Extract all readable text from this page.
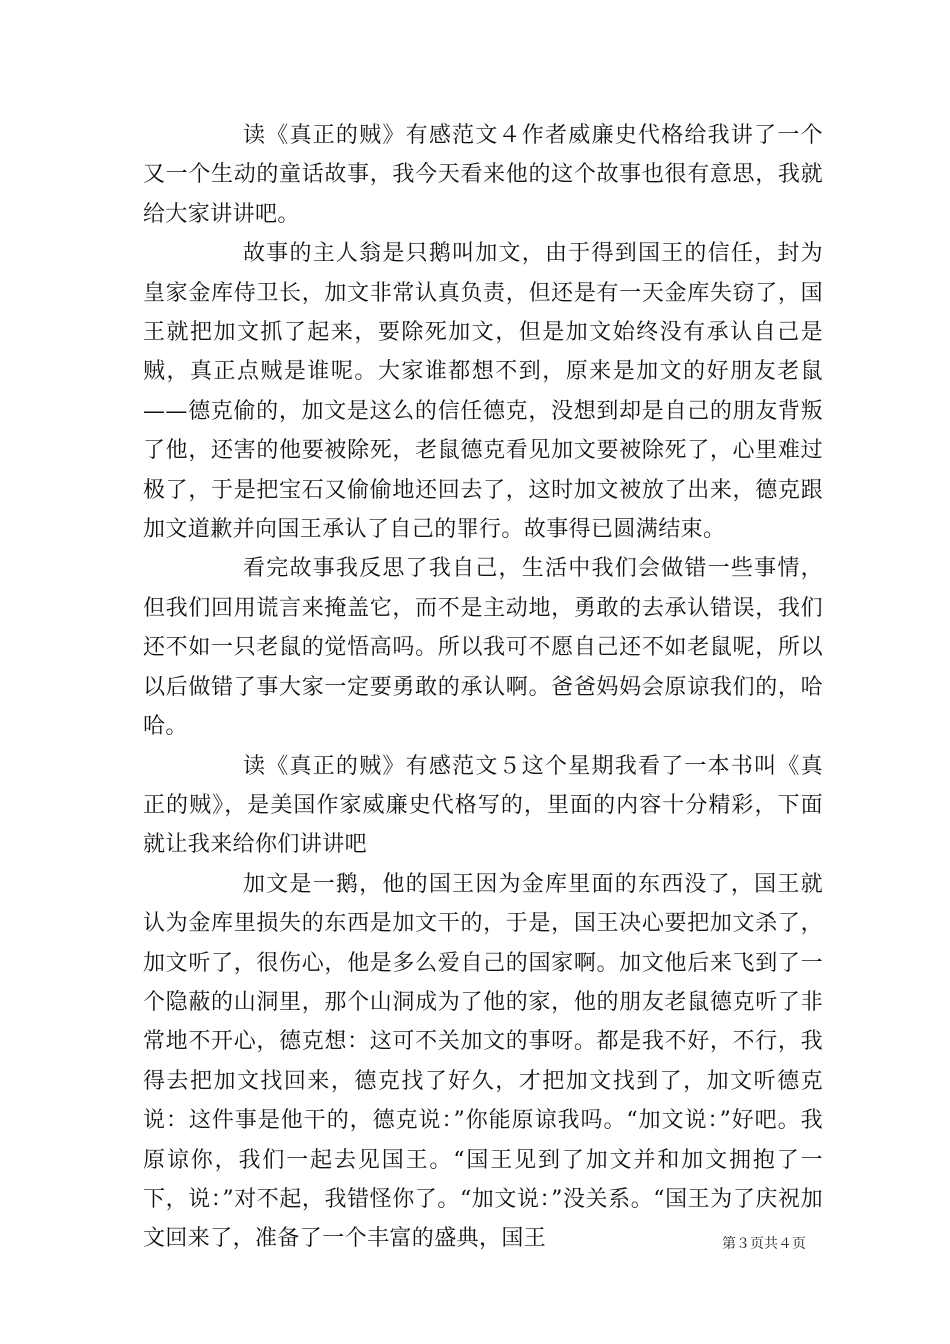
读《真正的贼》有感范文４作者威廉史代格给我讲了一个又一个生动的童话故事，我今天看来他的这个故事也很有意思，我就给大家讲讲吧。

故事的主人翁是只鹅叫加文，由于得到国王的信任，封为皇家金库侍卫长，加文非常认真负责，但还是有一天金库失窃了，国王就把加文抓了起来，要除死加文，但是加文始终没有承认自己是贼，真正点贼是谁呢。大家谁都想不到，原来是加文的好朋友老鼠——德克偷的，加文是这么的信任德克，没想到却是自己的朋友背叛了他，还害的他要被除死，老鼠德克看见加文要被除死了，心里难过极了，于是把宝石又偷偷地还回去了，这时加文被放了出来，德克跟加文道歉并向国王承认了自己的罪行。故事得已圆满结束。

看完故事我反思了我自己，生活中我们会做错一些事情，但我们回用谎言来掩盖它，而不是主动地，勇敢的去承认错误，我们还不如一只老鼠的觉悟高吗。所以我可不愿自己还不如老鼠呢，所以以后做错了事大家一定要勇敢的承认啊。爸爸妈妈会原谅我们的，哈哈。

读《真正的贼》有感范文５这个星期我看了一本书叫《真正的贼》，是美国作家威廉史代格写的，里面的内容十分精彩，下面就让我来给你们讲讲吧

加文是一鹅，他的国王因为金库里面的东西没了，国王就认为金库里损失的东西是加文干的，于是，国王决心要把加文杀了，加文听了，很伤心，他是多么爱自己的国家啊。加文他后来飞到了一个隐蔽的山洞里，那个山洞成为了他的家，他的朋友老鼠德克听了非常地不开心，德克想：这可不关加文的事呀。都是我不好，不行，我得去把加文找回来，德克找了好久，才把加文找到了，加文听德克说：这件事是他干的，德克说：”你能原谅我吗。“加文说：”好吧。我原谅你，我们一起去见国王。“国王见到了加文并和加文拥抱了一下，说：”对不起，我错怪你了。“加文说：”没关系。“国王为了庆祝加文回来了，准备了一个丰富的盛典，国王	第３页共４页
